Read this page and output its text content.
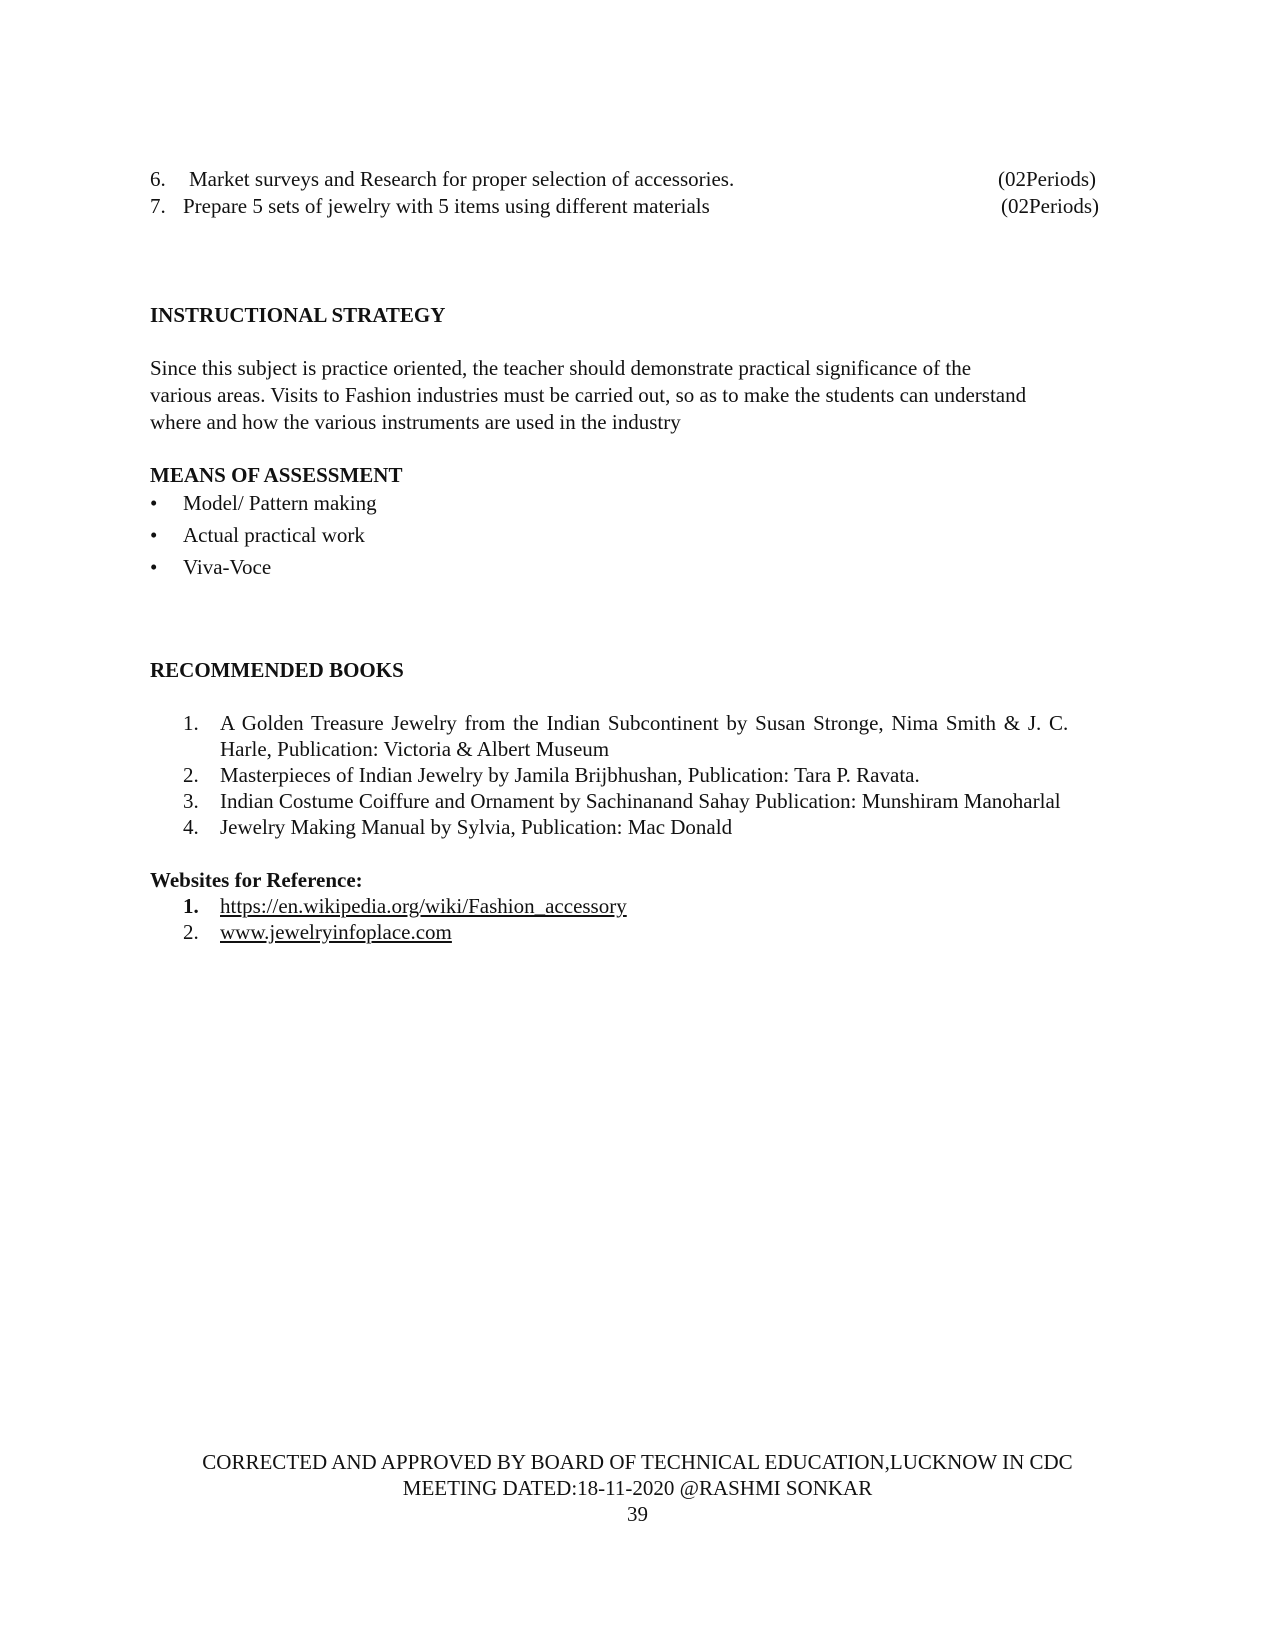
6. Market surveys and Research for proper selection of accessories.	(02Periods)
7. Prepare 5 sets of jewelry with 5 items using different materials	(02Periods)
INSTRUCTIONAL STRATEGY
Since this subject is practice oriented, the teacher should demonstrate practical significance of the
various areas. Visits to Fashion industries must be carried out, so as to make the students can understand
where and how the various instruments are used in the industry
MEANS OF ASSESSMENT
• Model/ Pattern making
• Actual practical work
• Viva-Voce
RECOMMENDED BOOKS
1. A Golden Treasure Jewelry from the Indian Subcontinent by Susan Stronge, Nima Smith & J. C.
Harle, Publication: Victoria & Albert Museum
2. Masterpieces of Indian Jewelry by Jamila Brijbhushan, Publication: Tara P. Ravata.
3. Indian Costume Coiffure and Ornament by Sachinanand Sahay Publication: Munshiram Manoharlal
4. Jewelry Making Manual by Sylvia, Publication: Mac Donald
Websites for Reference:
1. https://en.wikipedia.org/wiki/Fashion_accessory
2. www.jewelryinfoplace.com
CORRECTED AND APPROVED BY BOARD OF TECHNICAL EDUCATION,LUCKNOW IN CDC
MEETING DATED:18-11-2020 @RASHMI SONKAR
39
